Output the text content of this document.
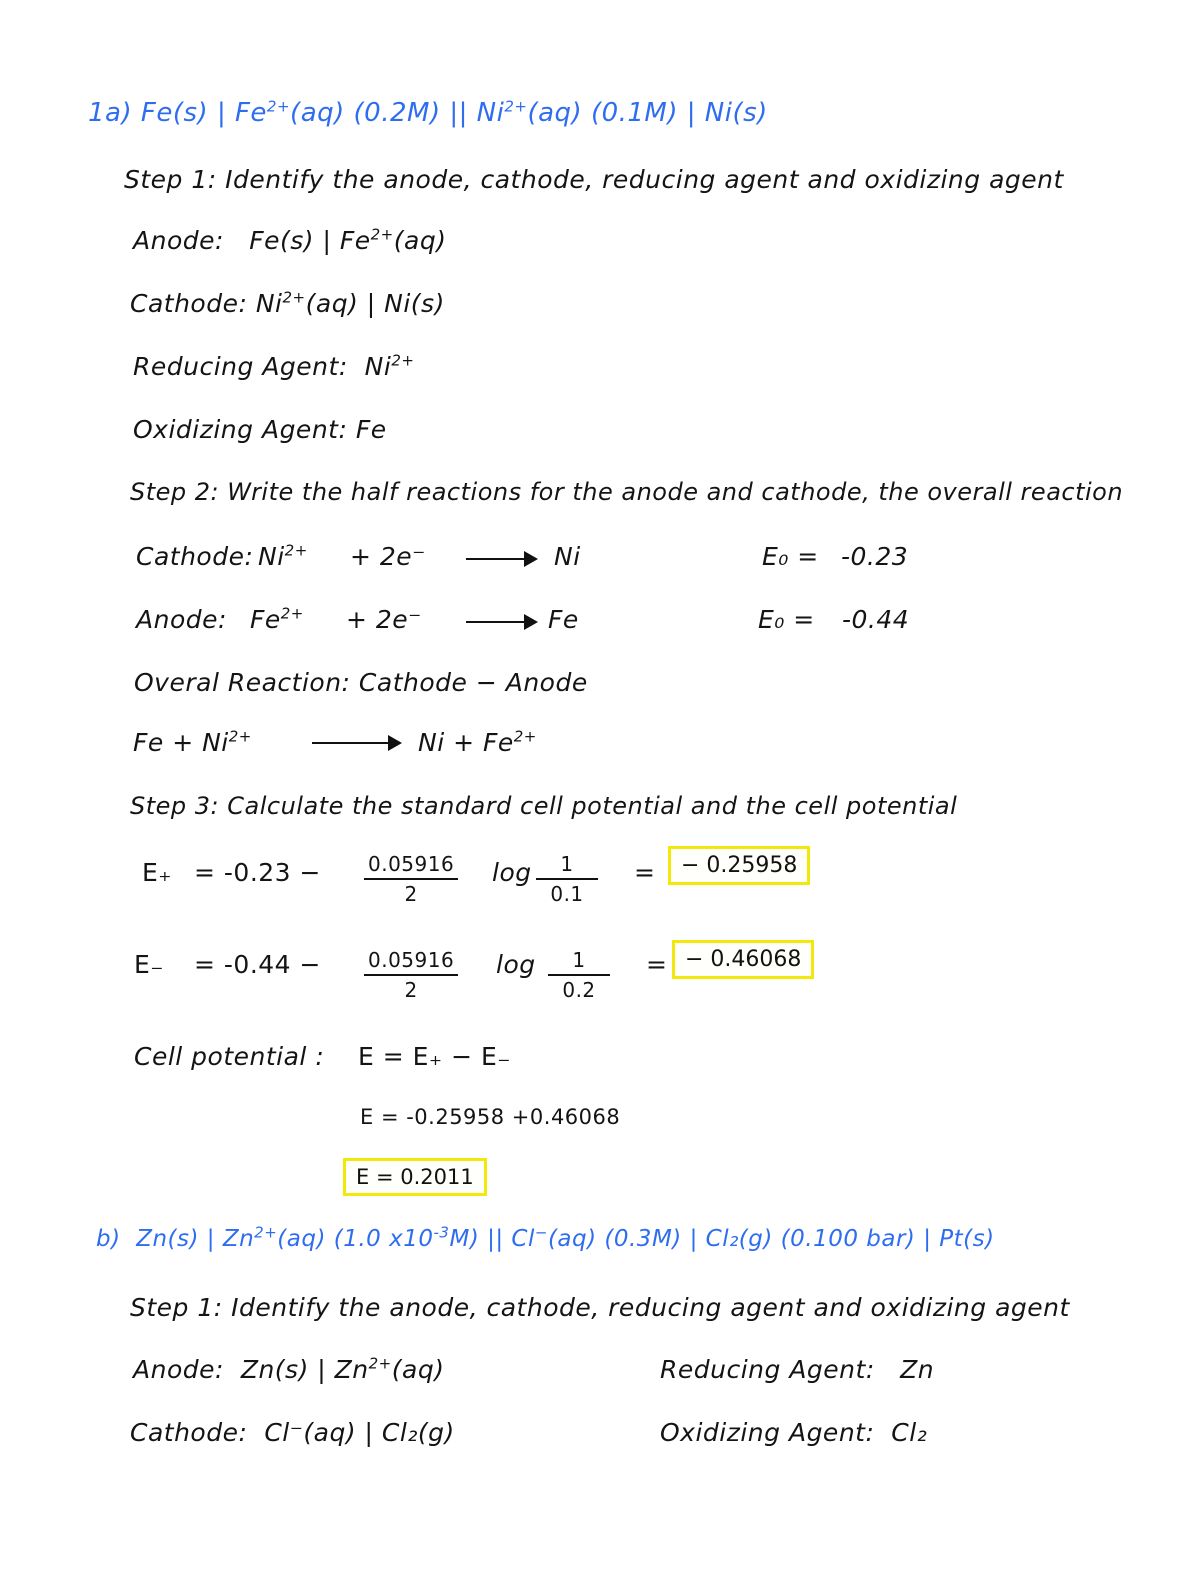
1a) Fe(s) | $Fe^{2+}(aq)$ (0.2M) || $Ni^{2+}(aq)$ (0.1M) | Ni(s)
Step 1: Identify the anode, cathode, reducing agent and oxidizing agent
Anode: Fe(s) | $Fe^{2+}(aq)$
Cathode: $Ni^{2+}(aq)$ | Ni(s)
Reducing Agent: $Ni^{2+}$
Oxidizing Agent: Fe
Step 2: Write the half reactions for the anode and cathode, the overall reaction
Cathode: $Ni^{2+} + 2e^-$	Ni	E₀ = -0.23
Anode: $Fe^{2+} + 2e^-$	Fe	E₀ = -0.44
Overal Reaction: Cathode − Anode
$Fe + Ni^{2+}$	$Ni + Fe^{2+}$
Step 3: Calculate the standard cell potential and the cell potential
E₊ = -0.23 − 0.05916
2
log	1
0.1
=	− 0.25958
E₋ = -0.44 − 0.05916
2
log	1
0.2
= − 0.46068
Cell potential : E = E₊ − E₋
E = -0.25958 +0.46068
E = 0.2011
b) Zn(s) | $Zn^{2+}(aq)$ (1.0 $x10^{-3}M$) || Cl−(aq) (0.3M) | Cl₂(g) (0.100 bar) | Pt(s)
Step 1: Identify the anode, cathode, reducing agent and oxidizing agent
Anode: Zn(s) | $Zn^{2+}(aq)$	Reducing Agent: Zn
Cathode: Cl⁻(aq) | Cl₂(g)	Oxidizing Agent: Cl₂
